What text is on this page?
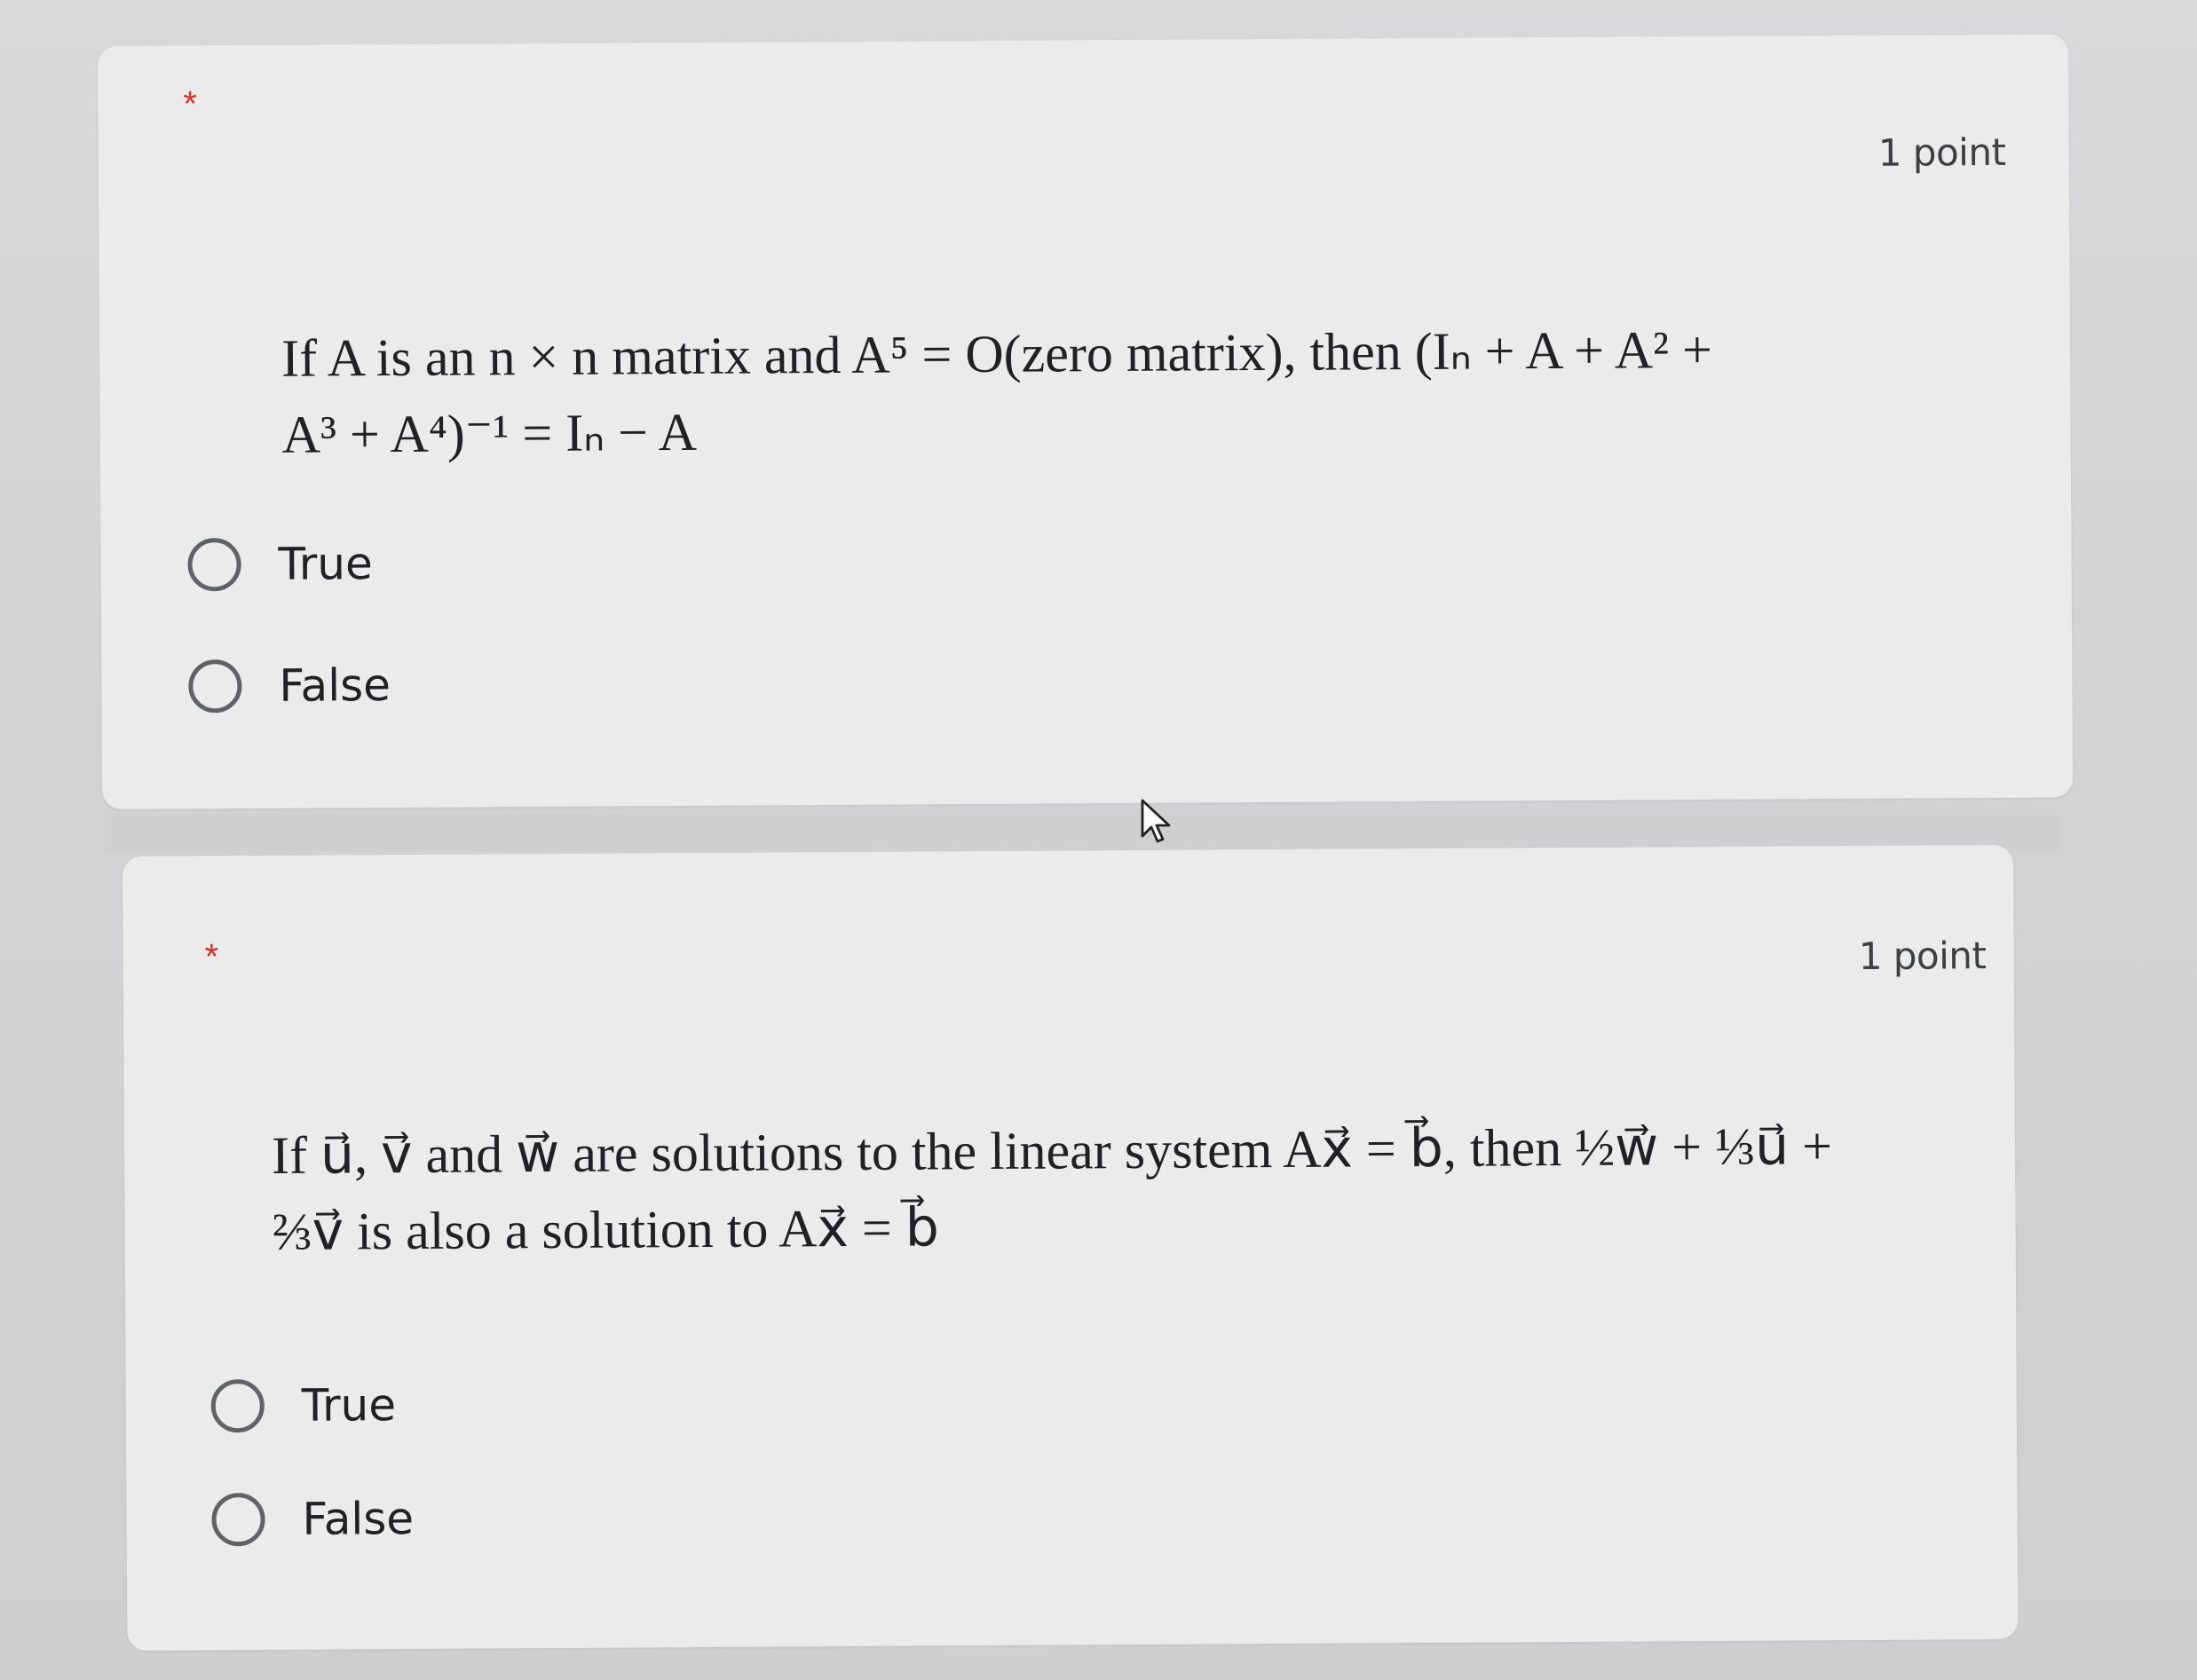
*
1 point
If A is an n × n matrix and A⁵ = O(zero matrix), then (Iₙ + A + A² +
A³ + A⁴)⁻¹ = Iₙ − A
True
False
*	1 point
If u⃗, v⃗ and w⃗ are solutions to the linear system Ax⃗ = b⃗, then ½w⃗ + ⅓u⃗ +
⅔v⃗ is also a solution to Ax⃗ = b⃗
True
False
